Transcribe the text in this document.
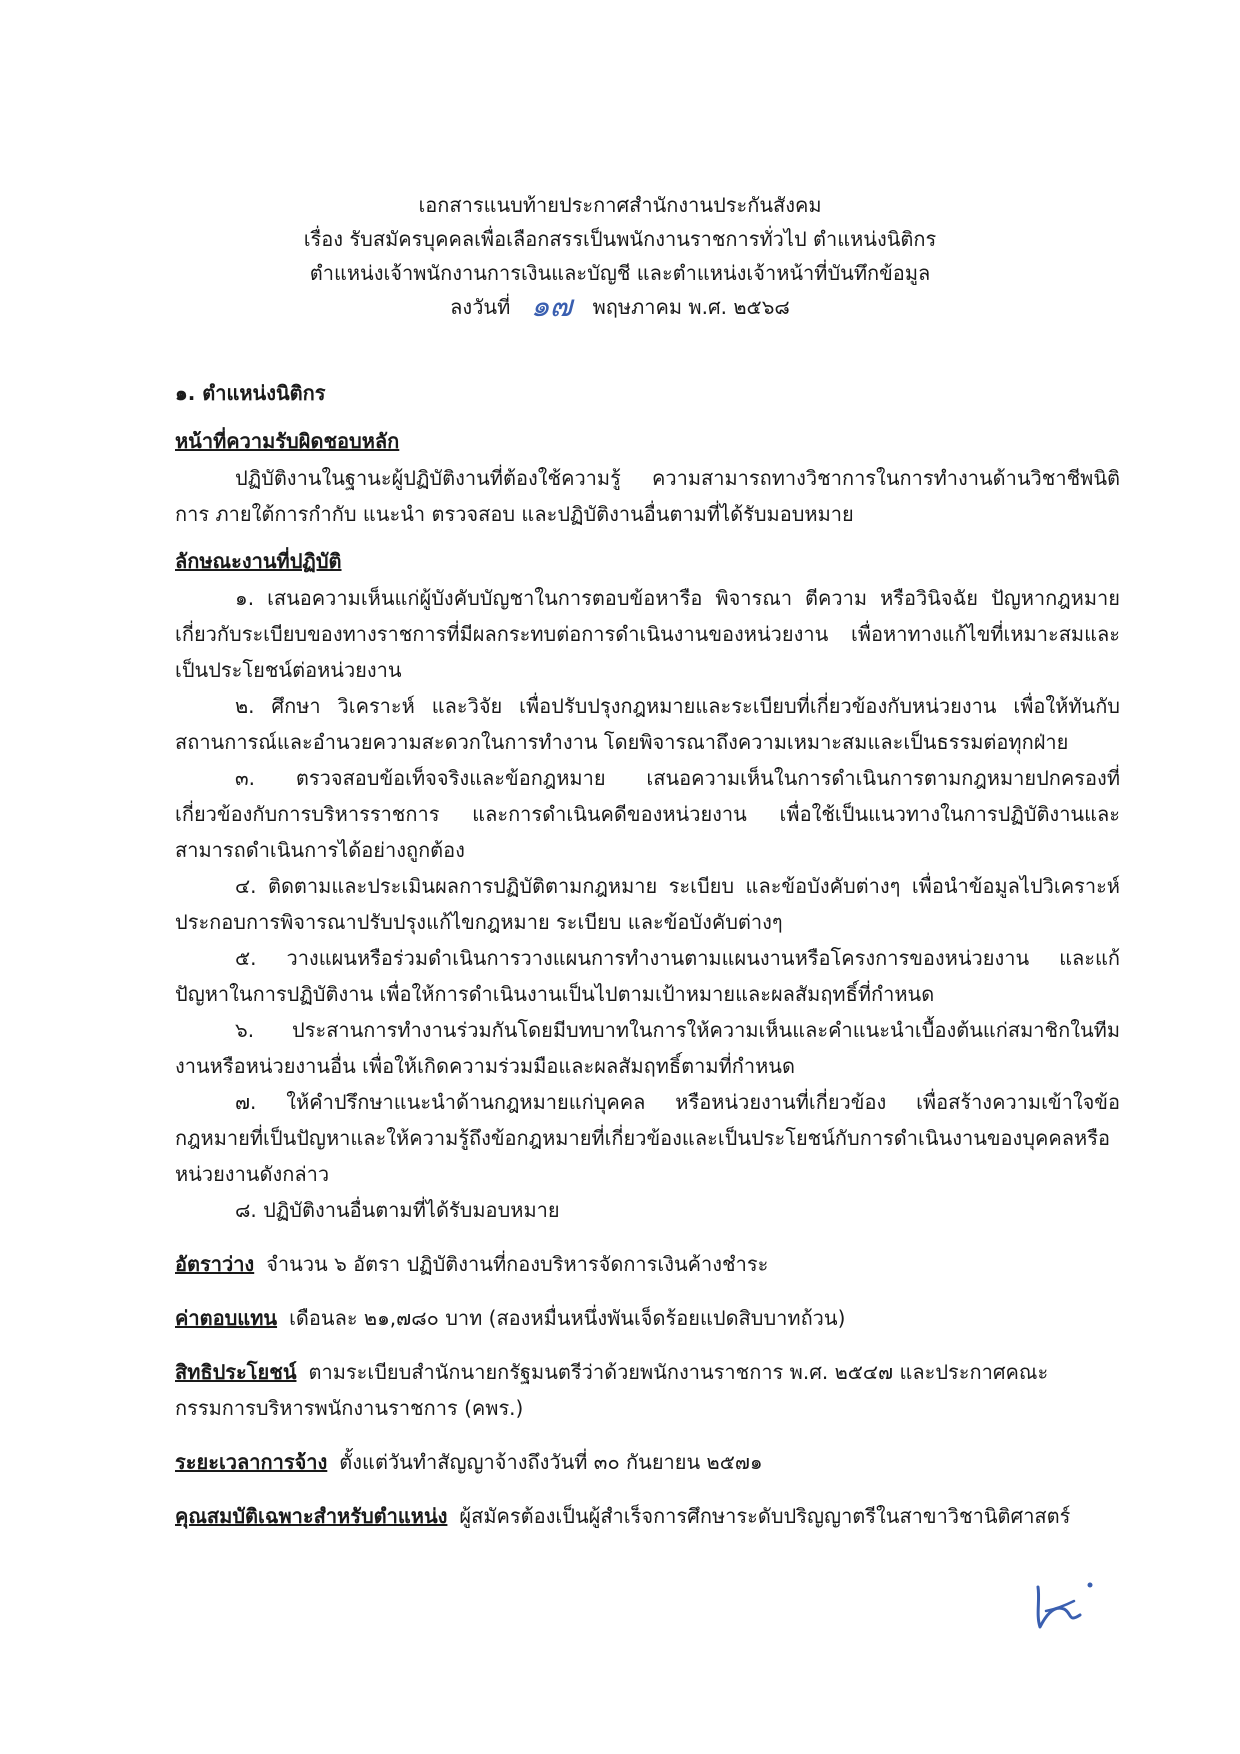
เอกสารแนบท้ายประกาศสำนักงานประกันสังคม
เรื่อง รับสมัครบุคคลเพื่อเลือกสรรเป็นพนักงานราชการทั่วไป ตำแหน่งนิติกร
ตำแหน่งเจ้าพนักงานการเงินและบัญชี และตำแหน่งเจ้าหน้าที่บันทึกข้อมูล
ลงวันที่ ๑๗ พฤษภาคม พ.ศ. ๒๕๖๘
๑. ตำแหน่งนิติกร
หน้าที่ความรับผิดชอบหลัก

ปฏิบัติงานในฐานะผู้ปฏิบัติงานที่ต้องใช้ความรู้ ความสามารถทางวิชาการในการทำงานด้านวิชาชีพนิติการ ภายใต้การกำกับ แนะนำ ตรวจสอบ และปฏิบัติงานอื่นตามที่ได้รับมอบหมาย

ลักษณะงานที่ปฏิบัติ

๑. เสนอความเห็นแก่ผู้บังคับบัญชาในการตอบข้อหารือ พิจารณา ตีความ หรือวินิจฉัย ปัญหากฎหมายเกี่ยวกับระเบียบของทางราชการที่มีผลกระทบต่อการดำเนินงานของหน่วยงาน เพื่อหาทางแก้ไขที่เหมาะสมและเป็นประโยชน์ต่อหน่วยงาน

๒. ศึกษา วิเคราะห์ และวิจัย เพื่อปรับปรุงกฎหมายและระเบียบที่เกี่ยวข้องกับหน่วยงาน เพื่อให้ทันกับสถานการณ์และอำนวยความสะดวกในการทำงาน โดยพิจารณาถึงความเหมาะสมและเป็นธรรมต่อทุกฝ่าย

๓. ตรวจสอบข้อเท็จจริงและข้อกฎหมาย เสนอความเห็นในการดำเนินการตามกฎหมายปกครองที่เกี่ยวข้องกับการบริหารราชการ และการดำเนินคดีของหน่วยงาน เพื่อใช้เป็นแนวทางในการปฏิบัติงานและสามารถดำเนินการได้อย่างถูกต้อง

๔. ติดตามและประเมินผลการปฏิบัติตามกฎหมาย ระเบียบ และข้อบังคับต่างๆ เพื่อนำข้อมูลไปวิเคราะห์ประกอบการพิจารณาปรับปรุงแก้ไขกฎหมาย ระเบียบ และข้อบังคับต่างๆ

๕. วางแผนหรือร่วมดำเนินการวางแผนการทำงานตามแผนงานหรือโครงการของหน่วยงาน และแก้ปัญหาในการปฏิบัติงาน เพื่อให้การดำเนินงานเป็นไปตามเป้าหมายและผลสัมฤทธิ์ที่กำหนด

๖. ประสานการทำงานร่วมกันโดยมีบทบาทในการให้ความเห็นและคำแนะนำเบื้องต้นแก่สมาชิกในทีมงานหรือหน่วยงานอื่น เพื่อให้เกิดความร่วมมือและผลสัมฤทธิ์ตามที่กำหนด

๗. ให้คำปรึกษาแนะนำด้านกฎหมายแก่บุคคล หรือหน่วยงานที่เกี่ยวข้อง เพื่อสร้างความเข้าใจข้อกฎหมายที่เป็นปัญหาและให้ความรู้ถึงข้อกฎหมายที่เกี่ยวข้องและเป็นประโยชน์กับการดำเนินงานของบุคคลหรือหน่วยงานดังกล่าว

๘. ปฏิบัติงานอื่นตามที่ได้รับมอบหมาย

อัตราว่าง จำนวน ๖ อัตรา ปฏิบัติงานที่กองบริหารจัดการเงินค้างชำระ
ค่าตอบแทน เดือนละ ๒๑,๗๘๐ บาท (สองหมื่นหนึ่งพันเจ็ดร้อยแปดสิบบาทถ้วน)
สิทธิประโยชน์ ตามระเบียบสำนักนายกรัฐมนตรีว่าด้วยพนักงานราชการ พ.ศ. ๒๕๔๗ และประกาศคณะกรรมการบริหารพนักงานราชการ (คพร.)
ระยะเวลาการจ้าง ตั้งแต่วันทำสัญญาจ้างถึงวันที่ ๓๐ กันยายน ๒๕๗๑
คุณสมบัติเฉพาะสำหรับตำแหน่ง ผู้สมัครต้องเป็นผู้สำเร็จการศึกษาระดับปริญญาตรีในสาขาวิชานิติศาสตร์
